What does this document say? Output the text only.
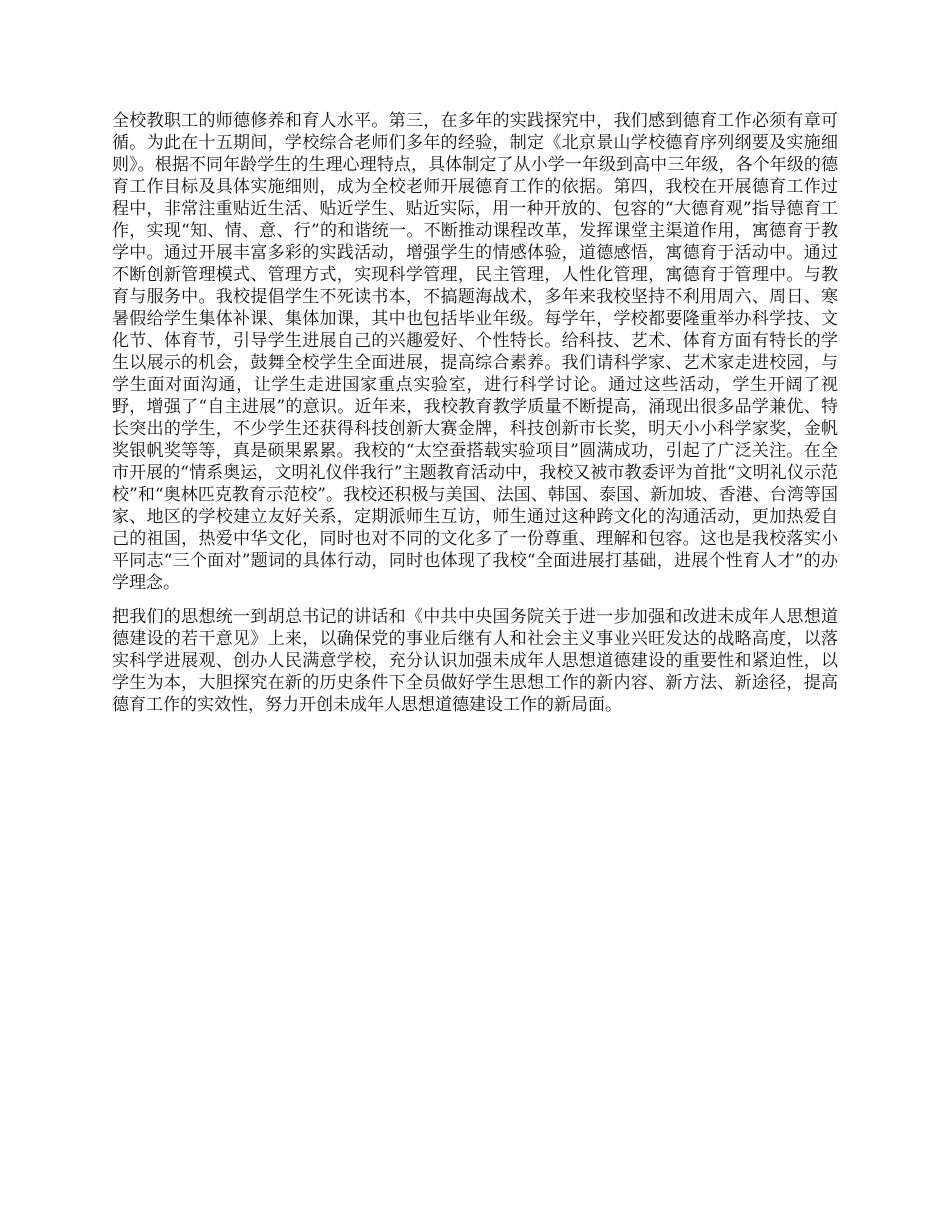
全校教职工的师德修养和育人水平。第三，在多年的实践探究中，我们感到德育工作必须有章可循。为此在十五期间，学校综合老师们多年的经验，制定《北京景山学校德育序列纲要及实施细则》。根据不同年龄学生的生理心理特点，具体制定了从小学一年级到高中三年级，各个年级的德育工作目标及具体实施细则，成为全校老师开展德育工作的依据。第四，我校在开展德育工作过程中，非常注重贴近生活、贴近学生、贴近实际，用一种开放的、包容的“大德育观”指导德育工作，实现“知、情、意、行”的和谐统一。不断推动课程改革，发挥课堂主渠道作用，寓德育于教学中。通过开展丰富多彩的实践活动，增强学生的情感体验，道德感悟，寓德育于活动中。通过不断创新管理模式、管理方式，实现科学管理，民主管理，人性化管理，寓德育于管理中。与教育与服务中。我校提倡学生不死读书本，不搞题海战术，多年来我校坚持不利用周六、周日、寒暑假给学生集体补课、集体加课，其中也包括毕业年级。每学年，学校都要隆重举办科学技、文化节、体育节，引导学生进展自己的兴趣爱好、个性特长。给科技、艺术、体育方面有特长的学生以展示的机会，鼓舞全校学生全面进展，提高综合素养。我们请科学家、艺术家走进校园，与学生面对面沟通，让学生走进国家重点实验室，进行科学讨论。通过这些活动，学生开阔了视野，增强了“自主进展”的意识。近年来，我校教育教学质量不断提高，涌现出很多品学兼优、特长突出的学生，不少学生还获得科技创新大赛金牌，科技创新市长奖，明天小小科学家奖，金帆奖银帆奖等等，真是硕果累累。我校的“太空蚕搭载实验项目”圆满成功，引起了广泛关注。在全市开展的“情系奥运，文明礼仪伴我行”主题教育活动中，我校又被市教委评为首批“文明礼仪示范校”和“奥林匹克教育示范校”。我校还积极与美国、法国、韩国、泰国、新加坡、香港、台湾等国家、地区的学校建立友好关系，定期派师生互访，师生通过这种跨文化的沟通活动，更加热爱自己的祖国，热爱中华文化，同时也对不同的文化多了一份尊重、理解和包容。这也是我校落实小平同志“三个面对”题词的具体行动，同时也体现了我校“全面进展打基础，进展个性育人才”的办学理念。

把我们的思想统一到胡总书记的讲话和《中共中央国务院关于进一步加强和改进未成年人思想道德建设的若干意见》上来，以确保党的事业后继有人和社会主义事业兴旺发达的战略高度，以落实科学进展观、创办人民满意学校，充分认识加强未成年人思想道德建设的重要性和紧迫性，以学生为本，大胆探究在新的历史条件下全员做好学生思想工作的新内容、新方法、新途径，提高德育工作的实效性，努力开创未成年人思想道德建设工作的新局面。
